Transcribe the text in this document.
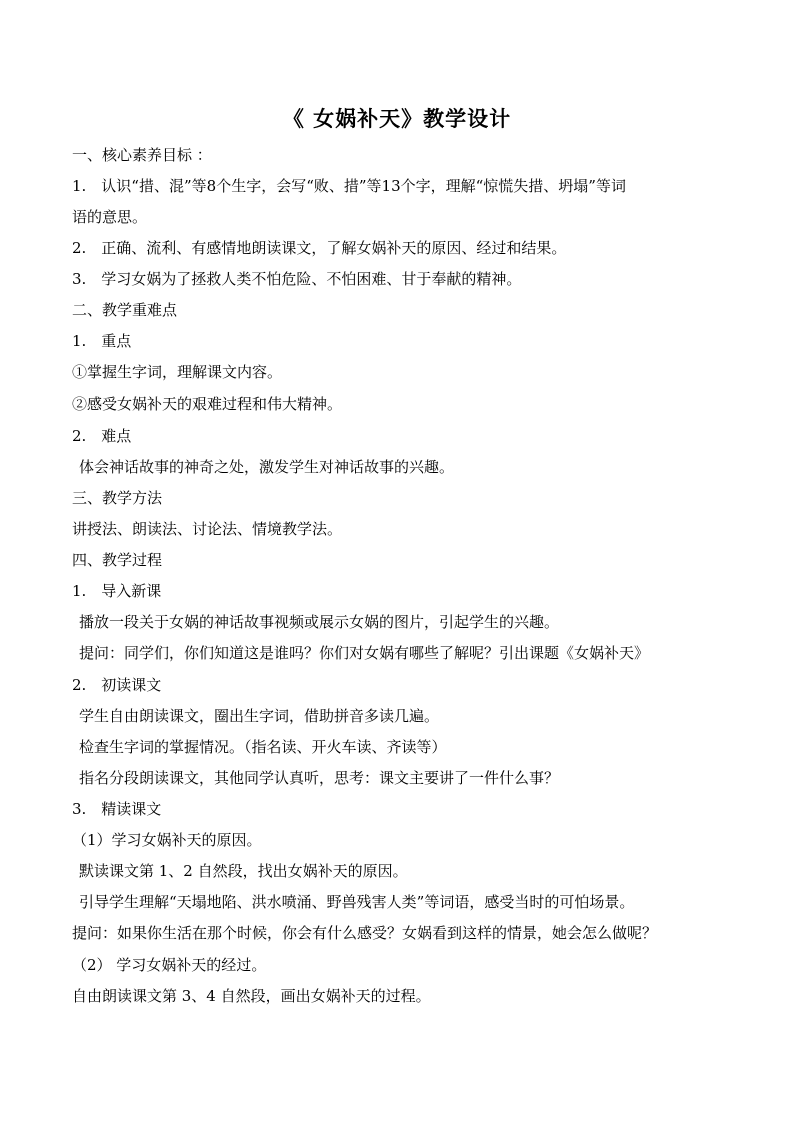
《 女娲补天》教学设计
一、核心素养目标 ：
1.　认识“措、混”等8个生字，会写“败、措”等13个字，理解“惊慌失措、坍塌”等词
语的意思。
2.　正确、流利、有感情地朗读课文，了解女娲补天的原因、经过和结果。
3.　学习女娲为了拯救人类不怕危险、不怕困难、甘于奉献的精神。
二、教学重难点
1.　重点
①掌握生字词，理解课文内容。
②感受女娲补天的艰难过程和伟大精神。
2.　难点
体会神话故事的神奇之处，激发学生对神话故事的兴趣。
三、教学方法
讲授法、朗读法、讨论法、情境教学法。
四、教学过程
1.　导入新课
播放一段关于女娲的神话故事视频或展示女娲的图片，引起学生的兴趣。
提问：同学们，你们知道这是谁吗？你们对女娲有哪些了解呢？引出课题《女娲补天》
2.　初读课文
学生自由朗读课文，圈出生字词，借助拼音多读几遍。
检查生字词的掌握情况。（指名读、开火车读、齐读等）
指名分段朗读课文，其他同学认真听，思考：课文主要讲了一件什么事？
3.　精读课文
（1）学习女娲补天的原因。
默读课文第 1、2 自然段，找出女娲补天的原因。
引导学生理解“天塌地陷、洪水喷涌、野兽残害人类”等词语，感受当时的可怕场景。
提问：如果你生活在那个时候，你会有什么感受？女娲看到这样的情景，她会怎么做呢？
（2） 学习女娲补天的经过。
自由朗读课文第 3、4 自然段，画出女娲补天的过程。
